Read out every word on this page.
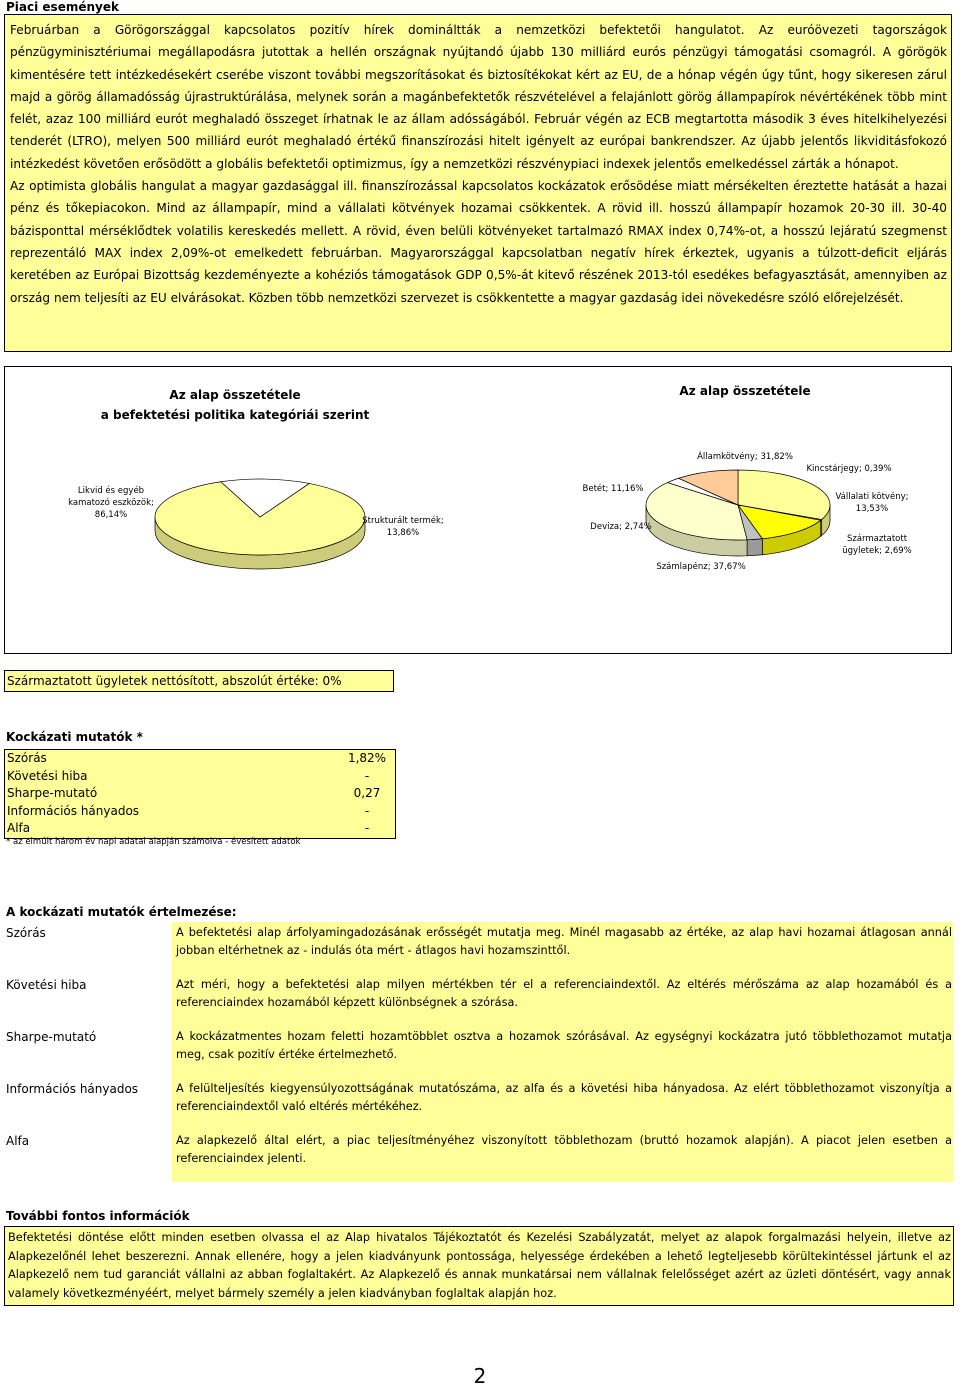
Piaci események

Februárban a Görögországgal kapcsolatos pozitív hírek domináltták a nemzetközi befektetői hangulatot. Az euróövezeti tagországok pénzügyminisztériumai megállapodásra jutottak a hellén országnak nyújtandó újabb 130 milliárd eurós pénzügyi támogatási csomagról. A görögök kimentésére tett intézkedésekért cserébe viszont további megszorításokat és biztosítékokat kért az EU, de a hónap végén úgy tűnt, hogy sikeresen zárul majd a görög államadósság újrastruktúrálása, melynek során a magánbefektetők részvételével a felajánlott görög állampapírok névértékének több mint felét, azaz 100 milliárd eurót meghaladó összeget írhatnak le az állam adósságából. Február végén az ECB megtartotta második 3 éves hitelkihelyezési tenderét (LTRO), melyen 500 milliárd eurót meghaladó értékű finanszírozási hitelt igényelt az európai bankrendszer. Az újabb jelentős likviditásfokozó intézkedést követően erősödött a globális befektetői optimizmus, így a nemzetközi részvénypiaci indexek jelentős emelkedéssel zárták a hónapot.

Az optimista globális hangulat a magyar gazdasággal ill. finanszírozással kapcsolatos kockázatok erősödése miatt mérsékelten éreztette hatását a hazai pénz és tőkepiacokon. Mind az állampapír, mind a vállalati kötvények hozamai csökkentek. A rövid ill. hosszú állampapír hozamok 20-30 ill. 30-40 bázisponttal mérséklődtek volatilis kereskedés mellett. A rövid, éven belüli kötvényeket tartalmazó RMAX index 0,74%-ot, a hosszú lejáratú szegmenst reprezentáló MAX index 2,09%-ot emelkedett februárban. Magyarországgal kapcsolatban negatív hírek érkeztek, ugyanis a túlzott-deficit eljárás keretében az Európai Bizottság kezdeményezte a kohéziós támogatások GDP 0,5%-át kitevő részének 2013-tól esedékes befagyasztását, amennyiben az ország nem teljesíti az EU elvárásokat. Közben több nemzetközi szervezet is csökkentette a magyar gazdaság idei növekedésre szóló előrejelzését.

Az alap összetétele
a befektetési politika kategóriái szerint
Likvid és egyéb kamatozó eszközök; 86,14%
Strukturált termék; 13,86%
Az alap összetétele
Államkötvény; 31,82%
Kincstárjegy; 0,39%
Vállalati kötvény; 13,53%
Származtatott ügyletek; 2,69%
Számlapénz; 37,67%
Deviza; 2,74%
Betét; 11,16%
Származtatott ügyletek nettósított, abszolút értéke: 0%
Kockázati mutatók *
Szórás	1,82%
Követési hiba	-
Sharpe-mutató	0,27
Információs hányados	-
Alfa	-
* az elmúlt három év napi adatai alapján számolva - évesített adatok
A kockázati mutatók értelmezése:
Szórás	A befektetési alap árfolyamingadozásának erősségét mutatja meg. Minél magasabb az értéke, az alap havi hozamai átlagosan annál jobban eltérhetnek az - indulás óta mért - átlagos havi hozamszinttől.
Követési hiba	Azt méri, hogy a befektetési alap milyen mértékben tér el a referenciaindextől. Az eltérés mérőszáma az alap hozamából és a referenciaindex hozamából képzett különbségnek a szórása.
Sharpe-mutató	A kockázatmentes hozam feletti hozamtöbblet osztva a hozamok szórásával. Az egységnyi kockázatra jutó többlethozamot mutatja meg, csak pozitív értéke értelmezhető.
Információs hányados	A felülteljesítés kiegyensúlyozottságának mutatószáma, az alfa és a követési hiba hányadosa. Az elért többlethozamot viszonyítja a referenciaindextől való eltérés mértékéhez.
Alfa	Az alapkezelő által elért, a piac teljesítményéhez viszonyított többlethozam (bruttó hozamok alapján). A piacot jelen esetben a referenciaindex jelenti.
További fontos információk
Befektetési döntése előtt minden esetben olvassa el az Alap hivatalos Tájékoztatót és Kezelési Szabályzatát, melyet az alapok forgalmazási helyein, illetve az Alapkezelőnél lehet beszerezni. Annak ellenére, hogy a jelen kiadványunk pontossága, helyessége érdekében a lehető legteljesebb körültekintéssel jártunk el az Alapkezelő nem tud garanciát vállalni az abban foglaltakért. Az Alapkezelő és annak munkatársai nem vállalnak felelősséget azért az üzleti döntésért, vagy annak valamely következményéért, melyet bármely személy a jelen kiadványban foglaltak alapján hoz.
2
